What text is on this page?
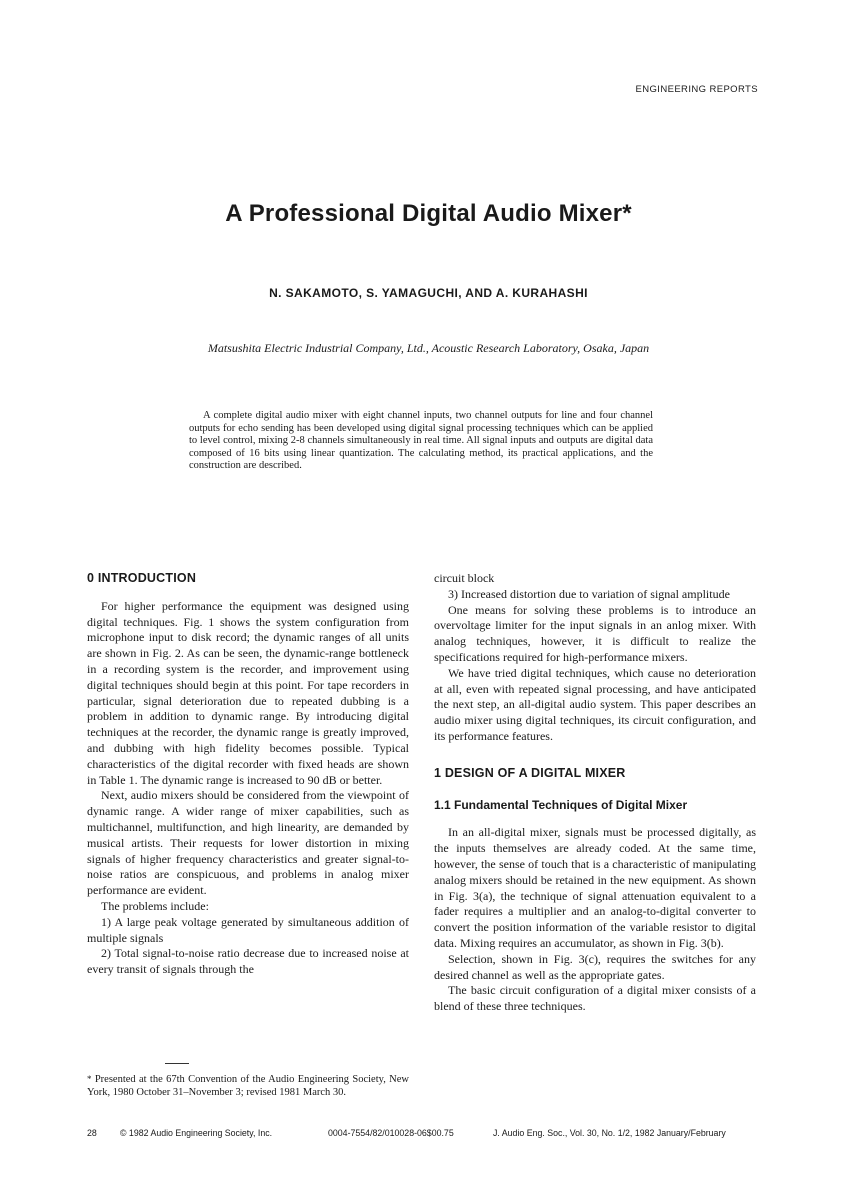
ENGINEERING REPORTS
A Professional Digital Audio Mixer*
N. SAKAMOTO, S. YAMAGUCHI, AND A. KURAHASHI
Matsushita Electric Industrial Company, Ltd., Acoustic Research Laboratory, Osaka, Japan
A complete digital audio mixer with eight channel inputs, two channel outputs for line and four channel outputs for echo sending has been developed using digital signal processing techniques which can be applied to level control, mixing 2-8 channels simultaneously in real time. All signal inputs and outputs are digital data composed of 16 bits using linear quantization. The calculating method, its practical applications, and the construction are described.
0 INTRODUCTION

For higher performance the equipment was designed using digital techniques. Fig. 1 shows the system configuration from microphone input to disk record; the dynamic ranges of all units are shown in Fig. 2. As can be seen, the dynamic-range bottleneck in a recording system is the recorder, and improvement using digital techniques should begin at this point. For tape recorders in particular, signal deterioration due to repeated dubbing is a problem in addition to dynamic range. By introducing digital techniques at the recorder, the dynamic range is greatly improved, and dubbing with high fidelity becomes possible. Typical characteristics of the digital recorder with fixed heads are shown in Table 1. The dynamic range is increased to 90 dB or better.

Next, audio mixers should be considered from the viewpoint of dynamic range. A wider range of mixer capabilities, such as multichannel, multifunction, and high linearity, are demanded by musical artists. Their requests for lower distortion in mixing signals of higher frequency characteristics and greater signal-to-noise ratios are conspicuous, and problems in analog mixer performance are evident.

The problems include:

1) A large peak voltage generated by simultaneous addition of multiple signals

2) Total signal-to-noise ratio decrease due to increased noise at every transit of signals through the

circuit block

3) Increased distortion due to variation of signal amplitude

One means for solving these problems is to introduce an overvoltage limiter for the input signals in an anlog mixer. With analog techniques, however, it is difficult to realize the specifications required for high-performance mixers.

We have tried digital techniques, which cause no deterioration at all, even with repeated signal processing, and have anticipated the next step, an all-digital audio system. This paper describes an audio mixer using digital techniques, its circuit configuration, and its performance features.

1 DESIGN OF A DIGITAL MIXER
1.1 Fundamental Techniques of Digital Mixer

In an all-digital mixer, signals must be processed digitally, as the inputs themselves are already coded. At the same time, however, the sense of touch that is a characteristic of manipulating analog mixers should be retained in the new equipment. As shown in Fig. 3(a), the technique of signal attenuation equivalent to a fader requires a multiplier and an analog-to-digital converter to convert the position information of the variable resistor to digital data. Mixing requires an accumulator, as shown in Fig. 3(b).

Selection, shown in Fig. 3(c), requires the switches for any desired channel as well as the appropriate gates.

The basic circuit configuration of a digital mixer consists of a blend of these three techniques.

* Presented at the 67th Convention of the Audio Engineering Society, New York, 1980 October 31–November 3; revised 1981 March 30.
28	© 1982 Audio Engineering Society, Inc.	0004-7554/82/010028-06$00.75	J. Audio Eng. Soc., Vol. 30, No. 1/2, 1982 January/February
